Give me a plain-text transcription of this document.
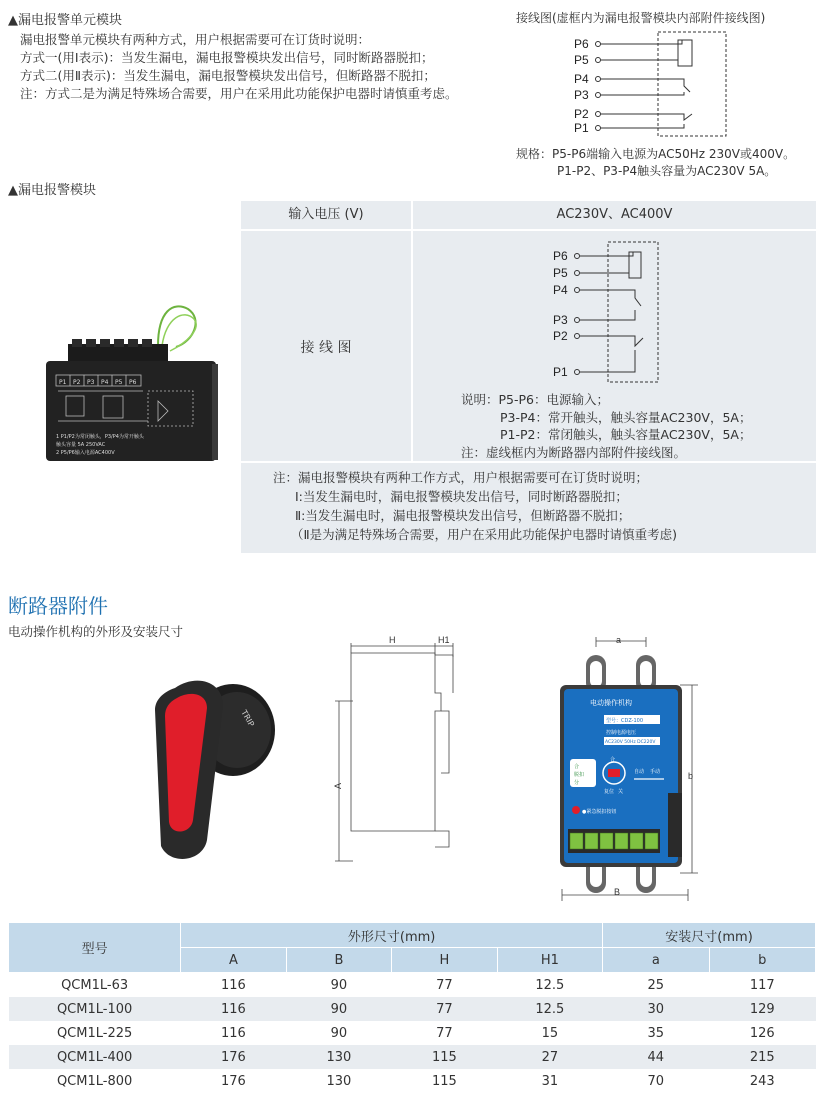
▲漏电报警单元模块
漏电报警单元模块有两种方式，用户根据需要可在订货时说明：
方式一(用Ⅰ表示)：当发生漏电，漏电报警模块发出信号，同时断路器脱扣；
方式二(用Ⅱ表示)：当发生漏电，漏电报警模块发出信号，但断路器不脱扣；
注：方式二是为满足特殊场合需要，用户在采用此功能保护电器时请慎重考虑。
接线图(虚框内为漏电报警模块内部附件接线图)
P6
P5
P4
P3
P2
P1
规格：P5-P6端输入电源为AC50Hz 230V或400V。
P1-P2、P3-P4触头容量为AC230V 5A。
▲漏电报警模块
P1 P2 P3 P4 P5 P6
1 P1/P2为常闭触头，P3/P4为常开触头
触头容量 5A 250VAC
2 P5/P6输入电源AC400V
输入电压 (V)	AC230V、AC400V
接 线 图
P6
P5
P4
P3
P2
P1
说明：P5-P6：电源输入；
P3-P4：常开触头，触头容量AC230V，5A；
P1-P2：常闭触头，触头容量AC230V，5A；
注：虚线框内为断路器内部附件接线图。
注：漏电报警模块有两种工作方式，用户根据需要可在订货时说明；
Ⅰ:当发生漏电时，漏电报警模块发出信号，同时断路器脱扣；
Ⅱ:当发生漏电时，漏电报警模块发出信号，但断路器不脱扣；
（Ⅱ是为满足特殊场合需要，用户在采用此功能保护电器时请慎重考虑)
断路器附件
电动操作机构的外形及安装尺寸
TRIP
H	H1
A
a
b
B
电动操作机构
型号：CDZ-100
控制电源电压
AC230V 50Hz DC220V
合
脱扣
分
合
复位 关
自动 手动
●紧急脱扣按钮
型号	外形尺寸(mm)				安装尺寸(mm)	
	A	B	H	H1	a	b
QCM1L-63	116	90	77	12.5	25	117
QCM1L-100	116	90	77	12.5	30	129
QCM1L-225	116	90	77	15	35	126
QCM1L-400	176	130	115	27	44	215
QCM1L-800	176	130	115	31	70	243
